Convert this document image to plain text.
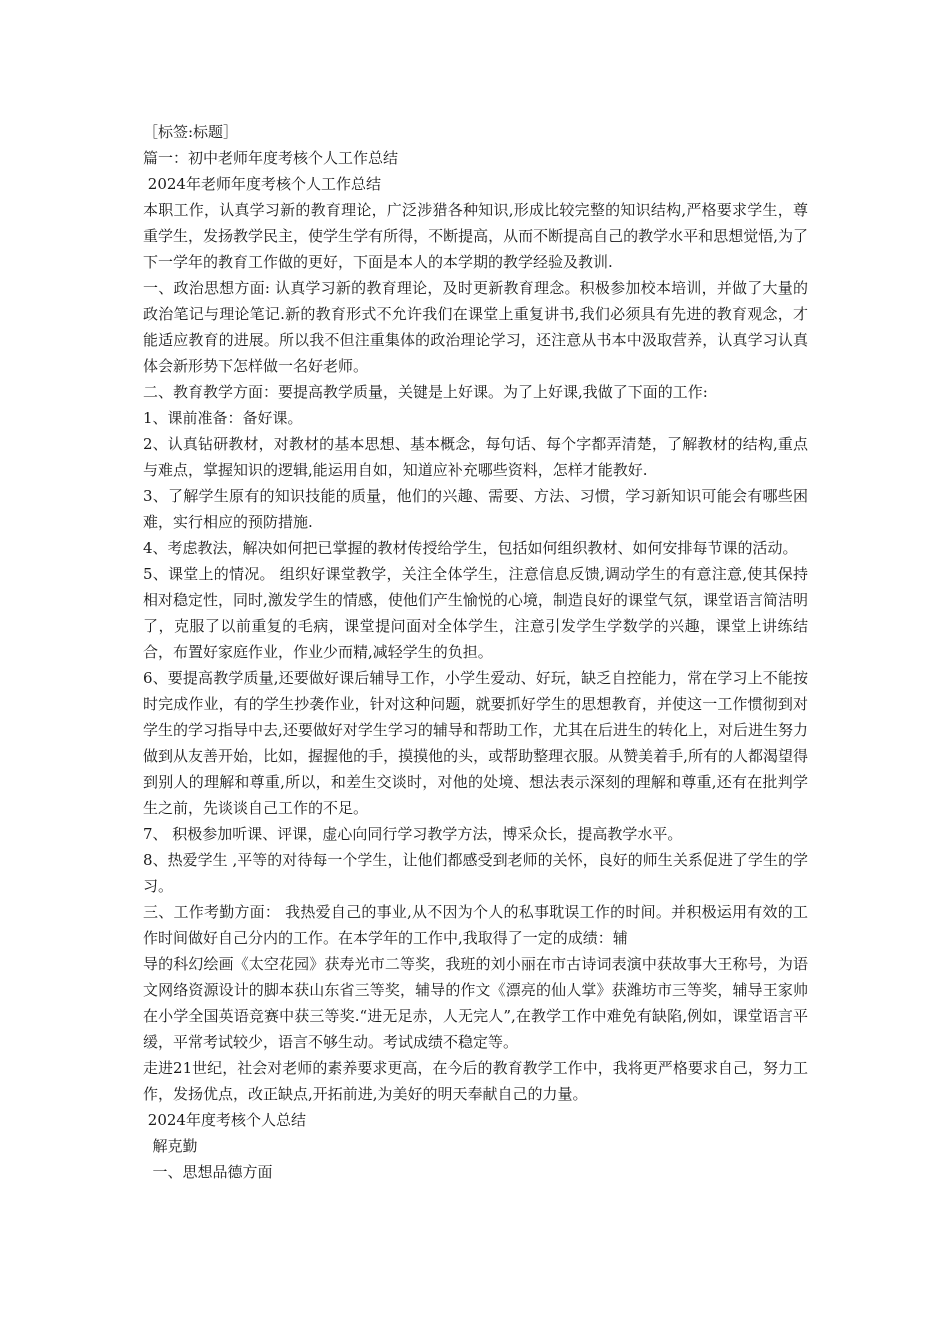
［标签:标题］

篇一：初中老师年度考核个人工作总结

2024年老师年度考核个人工作总结

本职工作，认真学习新的教育理论，广泛涉猎各种知识,形成比较完整的知识结构,严格要求学生，尊重学生，发扬教学民主，使学生学有所得，不断提高，从而不断提高自己的教学水平和思想觉悟,为了下一学年的教育工作做的更好，下面是本人的本学期的教学经验及教训.

一、政治思想方面: 认真学习新的教育理论，及时更新教育理念。积极参加校本培训，并做了大量的政治笔记与理论笔记.新的教育形式不允许我们在课堂上重复讲书,我们必须具有先进的教育观念，才能适应教育的进展。所以我不但注重集体的政治理论学习，还注意从书本中汲取营养，认真学习认真体会新形势下怎样做一名好老师。

二、教育教学方面：要提高教学质量，关键是上好课。为了上好课,我做了下面的工作:

1、课前准备：备好课。

2、认真钻研教材，对教材的基本思想、基本概念，每句话、每个字都弄清楚，了解教材的结构,重点与难点，掌握知识的逻辑,能运用自如，知道应补充哪些资料，怎样才能教好.

3、了解学生原有的知识技能的质量，他们的兴趣、需要、方法、习惯，学习新知识可能会有哪些困难，实行相应的预防措施.

4、考虑教法，解决如何把已掌握的教材传授给学生，包括如何组织教材、如何安排每节课的活动。

5、课堂上的情况。 组织好课堂教学，关注全体学生，注意信息反馈,调动学生的有意注意,使其保持相对稳定性，同时,激发学生的情感，使他们产生愉悦的心境，制造良好的课堂气氛，课堂语言简洁明了，克服了以前重复的毛病，课堂提问面对全体学生，注意引发学生学数学的兴趣，课堂上讲练结合，布置好家庭作业，作业少而精,减轻学生的负担。

6、要提高教学质量,还要做好课后辅导工作，小学生爱动、好玩，缺乏自控能力，常在学习上不能按时完成作业，有的学生抄袭作业，针对这种问题，就要抓好学生的思想教育，并使这一工作惯彻到对学生的学习指导中去,还要做好对学生学习的辅导和帮助工作，尤其在后进生的转化上，对后进生努力做到从友善开始，比如，握握他的手，摸摸他的头，或帮助整理衣服。从赞美着手,所有的人都渴望得到别人的理解和尊重,所以，和差生交谈时，对他的处境、想法表示深刻的理解和尊重,还有在批判学生之前，先谈谈自己工作的不足。

7、 积极参加听课、评课，虚心向同行学习教学方法，博采众长，提高教学水平。

8、热爱学生 ,平等的对待每一个学生，让他们都感受到老师的关怀，良好的师生关系促进了学生的学习。

三、工作考勤方面： 我热爱自己的事业,从不因为个人的私事耽误工作的时间。并积极运用有效的工作时间做好自己分内的工作。在本学年的工作中,我取得了一定的成绩：辅

导的科幻绘画《太空花园》获寿光市二等奖，我班的刘小丽在市古诗词表演中获故事大王称号，为语文网络资源设计的脚本获山东省三等奖，辅导的作文《漂亮的仙人掌》获潍坊市三等奖，辅导王家帅在小学全国英语竞赛中获三等奖.“进无足赤，人无完人”,在教学工作中难免有缺陷,例如，课堂语言平缓，平常考试较少，语言不够生动。考试成绩不稳定等。

走进21世纪，社会对老师的素养要求更高，在今后的教育教学工作中，我将更严格要求自己，努力工作，发扬优点，改正缺点,开拓前进,为美好的明天奉献自己的力量。

2024年度考核个人总结

解克勤

一、思想品德方面
